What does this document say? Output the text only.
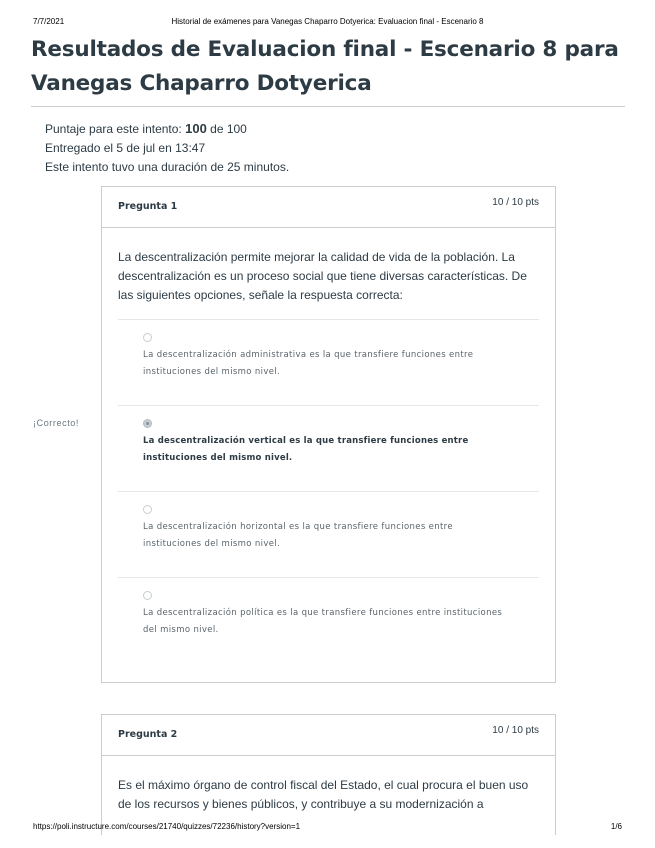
7/7/2021	Historial de exámenes para Vanegas Chaparro Dotyerica: Evaluacion final - Escenario 8
Resultados de Evaluacion final - Escenario 8 para Vanegas Chaparro Dotyerica
Puntaje para este intento: 100 de 100
Entregado el 5 de jul en 13:47
Este intento tuvo una duración de 25 minutos.
¡Correcto!
Pregunta 1	10 / 10 pts

La descentralización permite mejorar la calidad de vida de la población. La descentralización es un proceso social que tiene diversas características. De las siguientes opciones, señale la respuesta correcta:

La descentralización administrativa es la que transfiere funciones entre instituciones del mismo nivel.
La descentralización vertical es la que transfiere funciones entre instituciones del mismo nivel.
La descentralización horizontal es la que transfiere funciones entre instituciones del mismo nivel.
La descentralización política es la que transfiere funciones entre instituciones del mismo nivel.
Pregunta 2	10 / 10 pts

Es el máximo órgano de control fiscal del Estado, el cual procura el buen uso de los recursos y bienes públicos, y contribuye a su modernización a

https://poli.instructure.com/courses/21740/quizzes/72236/history?version=1	1/6
